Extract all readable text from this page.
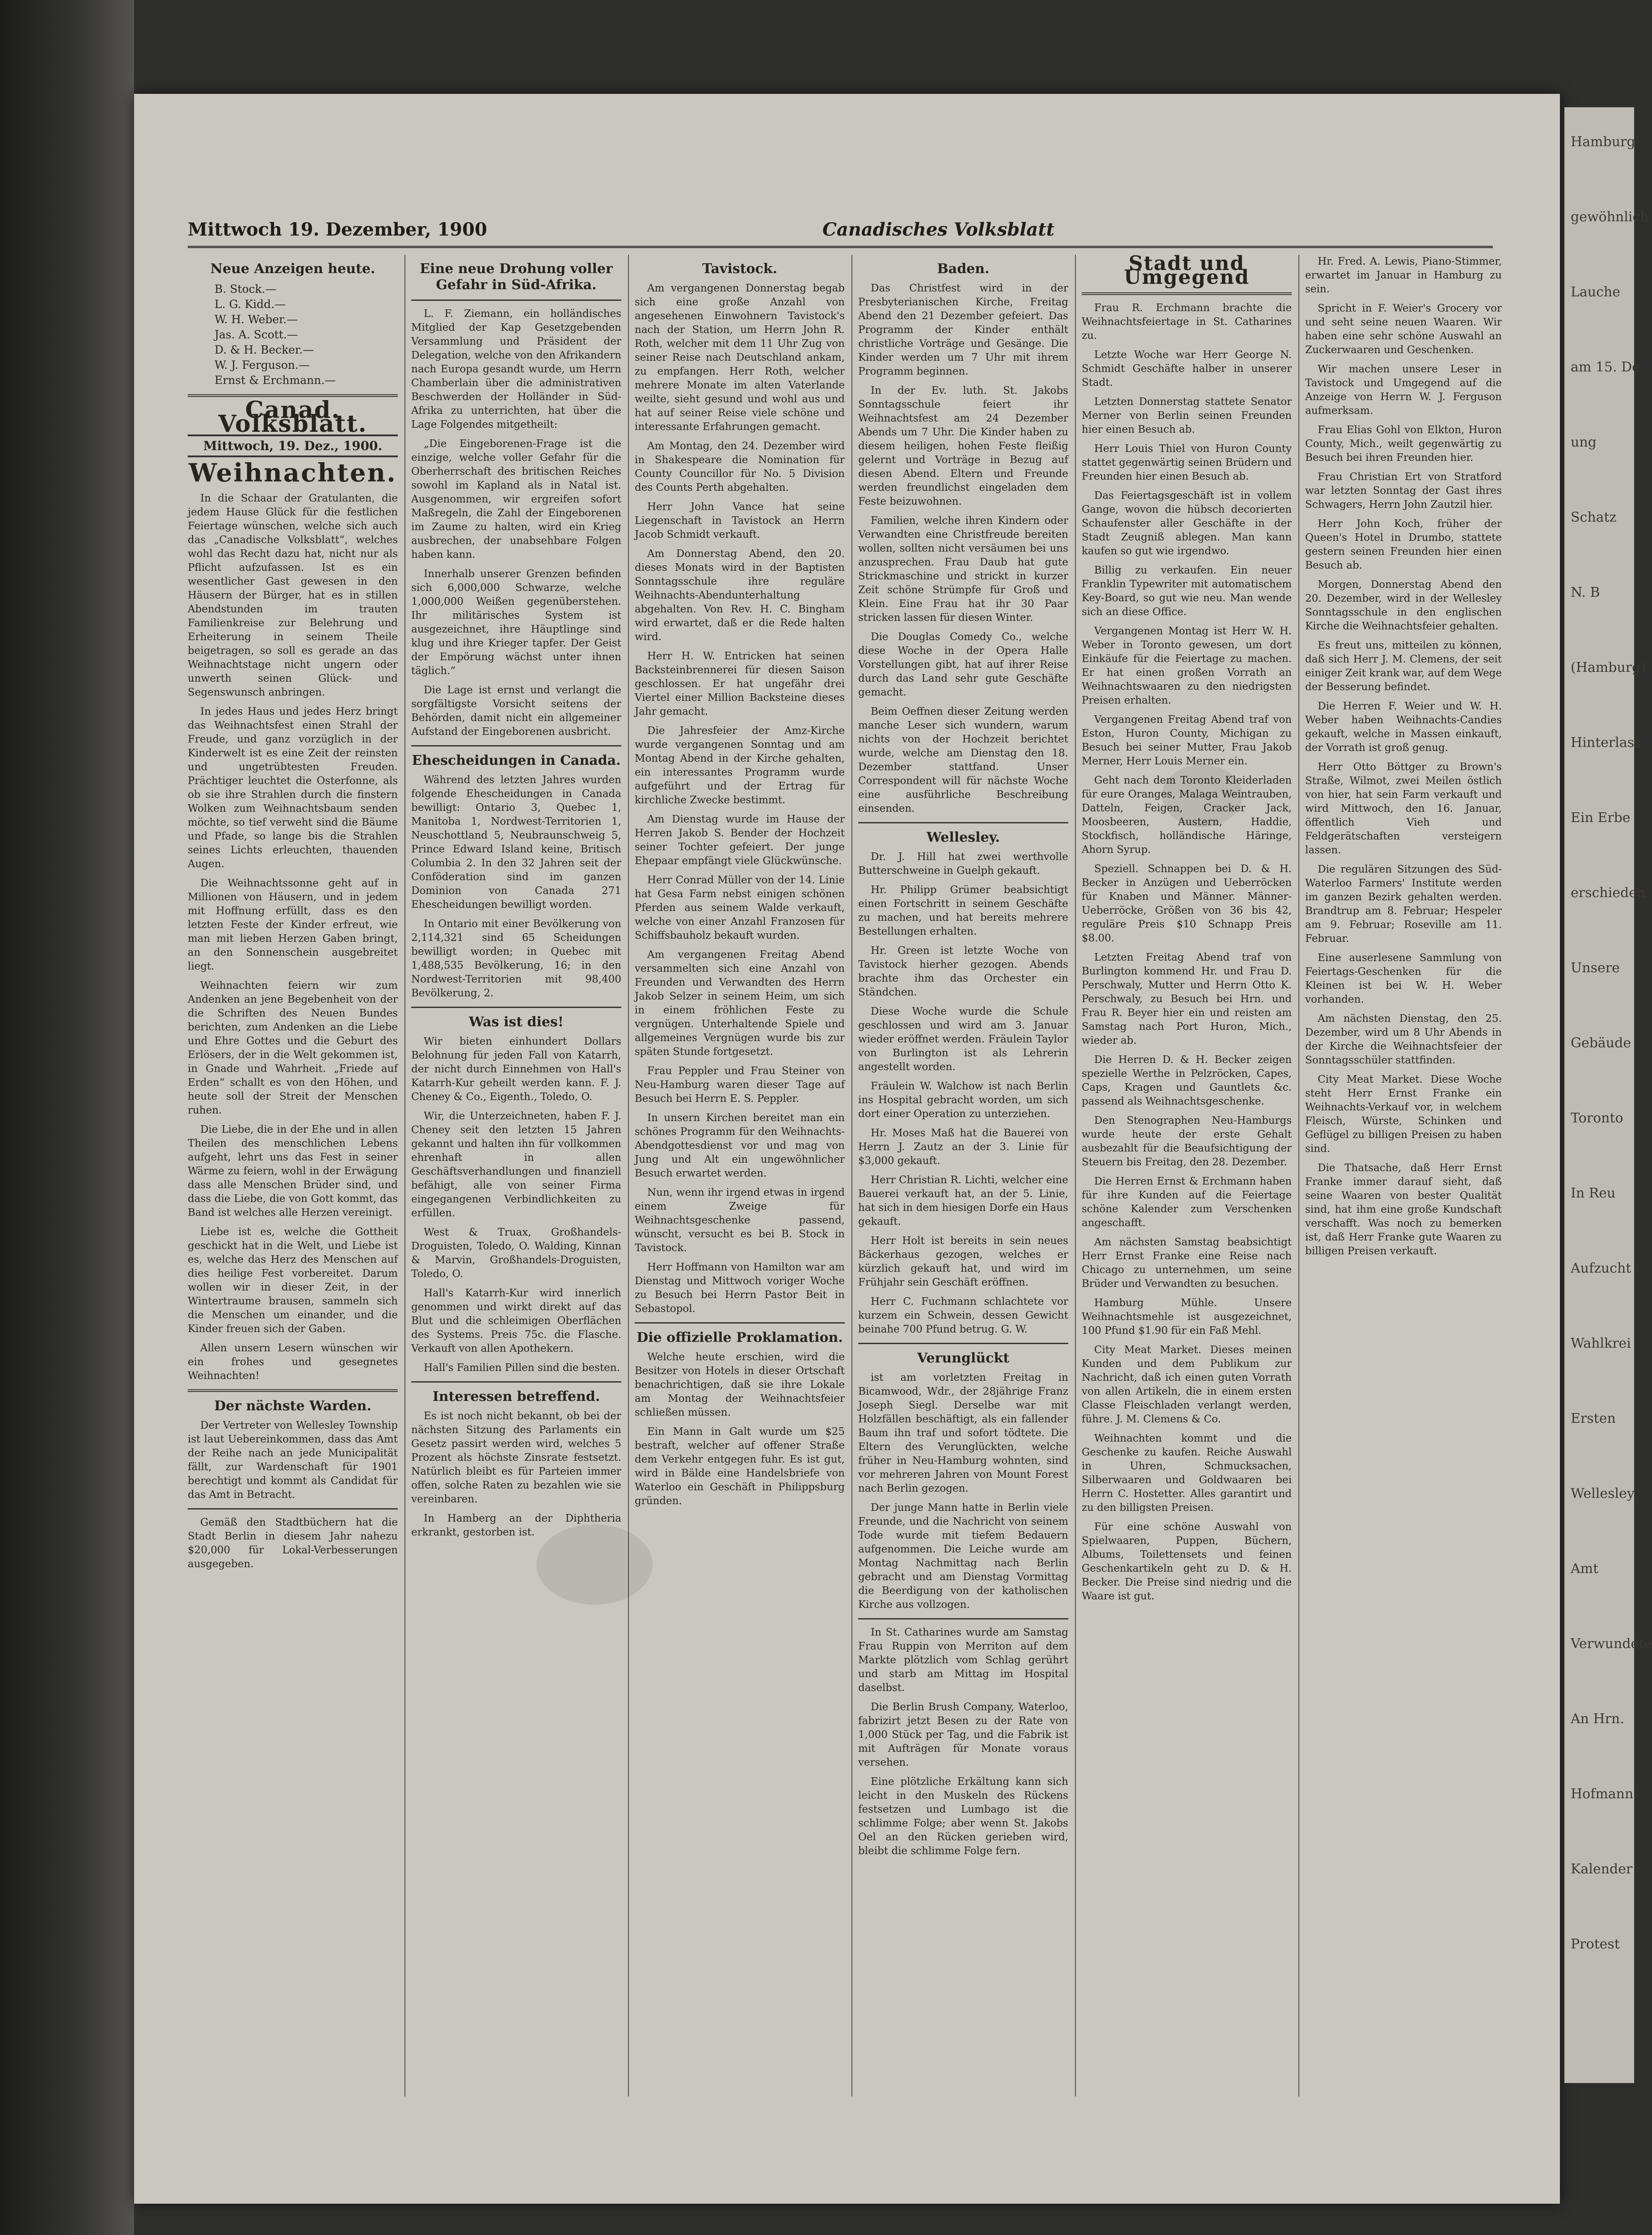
Mittwoch 19. Dezember, 1900	Canadisches Volksblatt
Neue Anzeigen heute.
B. Stock.—
L. G. Kidd.—
W. H. Weber.—
Jas. A. Scott.—
D. & H. Becker.—
W. J. Ferguson.—
Ernst & Erchmann.—
Canad. Volksblatt.
Mittwoch, 19. Dez., 1900.
Weihnachten.

In die Schaar der Gratulanten, die jedem Hause Glück für die festlichen Feiertage wünschen, welche sich auch das „Canadische Volksblatt“, welches wohl das Recht dazu hat, nicht nur als Pflicht aufzufassen. Ist es ein wesentlicher Gast gewesen in den Häusern der Bürger, hat es in stillen Abendstunden im trauten Familienkreise zur Belehrung und Erheiterung in seinem Theile beigetragen, so soll es gerade an das Weihnachtstage nicht ungern oder unwerth seinen Glück- und Segenswunsch anbringen.

In jedes Haus und jedes Herz bringt das Weihnachtsfest einen Strahl der Freude, und ganz vorzüglich in der Kinderwelt ist es eine Zeit der reinsten und ungetrübtesten Freuden. Prächtiger leuchtet die Osterfonne, als ob sie ihre Strahlen durch die finstern Wolken zum Weihnachtsbaum senden möchte, so tief verweht sind die Bäume und Pfade, so lange bis die Strahlen seines Lichts erleuchten, thauenden Augen.

Die Weihnachtssonne geht auf in Millionen von Häusern, und in jedem mit Hoffnung erfüllt, dass es den letzten Feste der Kinder erfreut, wie man mit lieben Herzen Gaben bringt, an den Sonnenschein ausgebreitet liegt.

Weihnachten feiern wir zum Andenken an jene Begebenheit von der die Schriften des Neuen Bundes berichten, zum Andenken an die Liebe und Ehre Gottes und die Geburt des Erlösers, der in die Welt gekommen ist, in Gnade und Wahrheit. „Friede auf Erden“ schallt es von den Höhen, und heute soll der Streit der Menschen ruhen.

Die Liebe, die in der Ehe und in allen Theilen des menschlichen Lebens aufgeht, lehrt uns das Fest in seiner Wärme zu feiern, wohl in der Erwägung dass alle Menschen Brüder sind, und dass die Liebe, die von Gott kommt, das Band ist welches alle Herzen vereinigt.

Liebe ist es, welche die Gottheit geschickt hat in die Welt, und Liebe ist es, welche das Herz des Menschen auf dies heilige Fest vorbereitet. Darum wollen wir in dieser Zeit, in der Wintertraume brausen, sammeln sich die Menschen um einander, und die Kinder freuen sich der Gaben.

Allen unsern Lesern wünschen wir ein frohes und gesegnetes Weihnachten!

Der nächste Warden.

Der Vertreter von Wellesley Township ist laut Uebereinkommen, dass das Amt der Reihe nach an jede Municipalität fällt, zur Wardenschaft für 1901 berechtigt und kommt als Candidat für das Amt in Betracht.

Gemäß den Stadtbüchern hat die Stadt Berlin in diesem Jahr nahezu $20,000 für Lokal-Verbesserungen ausgegeben.

Eine neue Drohung voller Gefahr in Süd-Afrika.

L. F. Ziemann, ein holländisches Mitglied der Kap Gesetzgebenden Versammlung und Präsident der Delegation, welche von den Afrikandern nach Europa gesandt wurde, um Herrn Chamberlain über die administrativen Beschwerden der Holländer in Süd-Afrika zu unterrichten, hat über die Lage Folgendes mitgetheilt:

„Die Eingeborenen-Frage ist die einzige, welche voller Gefahr für die Oberherrschaft des britischen Reiches sowohl im Kapland als in Natal ist. Ausgenommen, wir ergreifen sofort Maßregeln, die Zahl der Eingeborenen im Zaume zu halten, wird ein Krieg ausbrechen, der unabsehbare Folgen haben kann.

Innerhalb unserer Grenzen befinden sich 6,000,000 Schwarze, welche 1,000,000 Weißen gegenüberstehen. Ihr militärisches System ist ausgezeichnet, ihre Häuptlinge sind klug und ihre Krieger tapfer. Der Geist der Empörung wächst unter ihnen täglich.“

Die Lage ist ernst und verlangt die sorgfältigste Vorsicht seitens der Behörden, damit nicht ein allgemeiner Aufstand der Eingeborenen ausbricht.

Ehescheidungen in Canada.

Während des letzten Jahres wurden folgende Ehescheidungen in Canada bewilligt: Ontario 3, Quebec 1, Manitoba 1, Nordwest-Territorien 1, Neuschottland 5, Neubraunschweig 5, Prince Edward Island keine, Britisch Columbia 2. In den 32 Jahren seit der Conföderation sind im ganzen Dominion von Canada 271 Ehescheidungen bewilligt worden.

In Ontario mit einer Bevölkerung von 2,114,321 sind 65 Scheidungen bewilligt worden; in Quebec mit 1,488,535 Bevölkerung, 16; in den Nordwest-Territorien mit 98,400 Bevölkerung, 2.

Was ist dies!

Wir bieten einhundert Dollars Belohnung für jeden Fall von Katarrh, der nicht durch Einnehmen von Hall's Katarrh-Kur geheilt werden kann. F. J. Cheney & Co., Eigenth., Toledo, O.

Wir, die Unterzeichneten, haben F. J. Cheney seit den letzten 15 Jahren gekannt und halten ihn für vollkommen ehrenhaft in allen Geschäftsverhandlungen und finanziell befähigt, alle von seiner Firma eingegangenen Verbindlichkeiten zu erfüllen.

West & Truax, Großhandels-Droguisten, Toledo, O. Walding, Kinnan & Marvin, Großhandels-Droguisten, Toledo, O.

Hall's Katarrh-Kur wird innerlich genommen und wirkt direkt auf das Blut und die schleimigen Oberflächen des Systems. Preis 75c. die Flasche. Verkauft von allen Apothekern.

Hall's Familien Pillen sind die besten.

Interessen betreffend.

Es ist noch nicht bekannt, ob bei der nächsten Sitzung des Parlaments ein Gesetz passirt werden wird, welches 5 Prozent als höchste Zinsrate festsetzt. Natürlich bleibt es für Parteien immer offen, solche Raten zu bezahlen wie sie vereinbaren.

In Hamberg an der Diphtheria erkrankt, gestorben ist.

Tavistock.

Am vergangenen Donnerstag begab sich eine große Anzahl von angesehenen Einwohnern Tavistock's nach der Station, um Herrn John R. Roth, welcher mit dem 11 Uhr Zug von seiner Reise nach Deutschland ankam, zu empfangen. Herr Roth, welcher mehrere Monate im alten Vaterlande weilte, sieht gesund und wohl aus und hat auf seiner Reise viele schöne und interessante Erfahrungen gemacht.

Am Montag, den 24. Dezember wird in Shakespeare die Nomination für County Councillor für No. 5 Division des Counts Perth abgehalten.

Herr John Vance hat seine Liegenschaft in Tavistock an Herrn Jacob Schmidt verkauft.

Am Donnerstag Abend, den 20. dieses Monats wird in der Baptisten Sonntagsschule ihre reguläre Weihnachts-Abendunterhaltung abgehalten. Von Rev. H. C. Bingham wird erwartet, daß er die Rede halten wird.

Herr H. W. Entricken hat seinen Backsteinbrennerei für diesen Saison geschlossen. Er hat ungefähr drei Viertel einer Million Backsteine dieses Jahr gemacht.

Die Jahresfeier der Amz-Kirche wurde vergangenen Sonntag und am Montag Abend in der Kirche gehalten, ein interessantes Programm wurde aufgeführt und der Ertrag für kirchliche Zwecke bestimmt.

Am Dienstag wurde im Hause der Herren Jakob S. Bender der Hochzeit seiner Tochter gefeiert. Der junge Ehepaar empfängt viele Glückwünsche.

Herr Conrad Müller von der 14. Linie hat Gesa Farm nebst einigen schönen Pferden aus seinem Walde verkauft, welche von einer Anzahl Franzosen für Schiffsbauholz bekauft wurden.

Am vergangenen Freitag Abend versammelten sich eine Anzahl von Freunden und Verwandten des Herrn Jakob Selzer in seinem Heim, um sich in einem fröhlichen Feste zu vergnügen. Unterhaltende Spiele und allgemeines Vergnügen wurde bis zur späten Stunde fortgesetzt.

Frau Peppler und Frau Steiner von Neu-Hamburg waren dieser Tage auf Besuch bei Herrn E. S. Peppler.

In unsern Kirchen bereitet man ein schönes Programm für den Weihnachts-Abendgottesdienst vor und mag von Jung und Alt ein ungewöhnlicher Besuch erwartet werden.

Nun, wenn ihr irgend etwas in irgend einem Zweige für Weihnachtsgeschenke passend, wünscht, versucht es bei B. Stock in Tavistock.

Herr Hoffmann von Hamilton war am Dienstag und Mittwoch voriger Woche zu Besuch bei Herrn Pastor Beit in Sebastopol.

Die offizielle Proklamation.

Welche heute erschien, wird die Besitzer von Hotels in dieser Ortschaft benachrichtigen, daß sie ihre Lokale am Montag der Weihnachtsfeier schließen müssen.

Ein Mann in Galt wurde um $25 bestraft, welcher auf offener Straße dem Verkehr entgegen fuhr. Es ist gut, wird in Bälde eine Handelsbriefe von Waterloo ein Geschäft in Philippsburg gründen.

Baden.

Das Christfest wird in der Presbyterianischen Kirche, Freitag Abend den 21 Dezember gefeiert. Das Programm der Kinder enthält christliche Vorträge und Gesänge. Die Kinder werden um 7 Uhr mit ihrem Programm beginnen.

In der Ev. luth. St. Jakobs Sonntagsschule feiert ihr Weihnachtsfest am 24 Dezember Abends um 7 Uhr. Die Kinder haben zu diesem heiligen, hohen Feste fleißig gelernt und Vorträge in Bezug auf diesen Abend. Eltern und Freunde werden freundlichst eingeladen dem Feste beizuwohnen.

Familien, welche ihren Kindern oder Verwandten eine Christfreude bereiten wollen, sollten nicht versäumen bei uns anzusprechen. Frau Daub hat gute Strickmaschine und strickt in kurzer Zeit schöne Strümpfe für Groß und Klein. Eine Frau hat ihr 30 Paar stricken lassen für diesen Winter.

Die Douglas Comedy Co., welche diese Woche in der Opera Halle Vorstellungen gibt, hat auf ihrer Reise durch das Land sehr gute Geschäfte gemacht.

Beim Oeffnen dieser Zeitung werden manche Leser sich wundern, warum nichts von der Hochzeit berichtet wurde, welche am Dienstag den 18. Dezember stattfand. Unser Correspondent will für nächste Woche eine ausführliche Beschreibung einsenden.

Wellesley.

Dr. J. Hill hat zwei werthvolle Butterschweine in Guelph gekauft.

Hr. Philipp Grümer beabsichtigt einen Fortschritt in seinem Geschäfte zu machen, und hat bereits mehrere Bestellungen erhalten.

Hr. Green ist letzte Woche von Tavistock hierher gezogen. Abends brachte ihm das Orchester ein Ständchen.

Diese Woche wurde die Schule geschlossen und wird am 3. Januar wieder eröffnet werden. Fräulein Taylor von Burlington ist als Lehrerin angestellt worden.

Fräulein W. Walchow ist nach Berlin ins Hospital gebracht worden, um sich dort einer Operation zu unterziehen.

Hr. Moses Maß hat die Bauerei von Herrn J. Zautz an der 3. Linie für $3,000 gekauft.

Herr Christian R. Lichti, welcher eine Bauerei verkauft hat, an der 5. Linie, hat sich in dem hiesigen Dorfe ein Haus gekauft.

Herr Holt ist bereits in sein neues Bäckerhaus gezogen, welches er kürzlich gekauft hat, und wird im Frühjahr sein Geschäft eröffnen.

Herr C. Fuchmann schlachtete vor kurzem ein Schwein, dessen Gewicht beinahe 700 Pfund betrug. G. W.

Verunglückt

ist am vorletzten Freitag in Bicamwood, Wdr., der 28jährige Franz Joseph Siegl. Derselbe war mit Holzfällen beschäftigt, als ein fallender Baum ihn traf und sofort tödtete. Die Eltern des Verunglückten, welche früher in Neu-Hamburg wohnten, sind vor mehreren Jahren von Mount Forest nach Berlin gezogen.

Der junge Mann hatte in Berlin viele Freunde, und die Nachricht von seinem Tode wurde mit tiefem Bedauern aufgenommen. Die Leiche wurde am Montag Nachmittag nach Berlin gebracht und am Dienstag Vormittag die Beerdigung von der katholischen Kirche aus vollzogen.

In St. Catharines wurde am Samstag Frau Ruppin von Merriton auf dem Markte plötzlich vom Schlag gerührt und starb am Mittag im Hospital daselbst.

Die Berlin Brush Company, Waterloo, fabrizirt jetzt Besen zu der Rate von 1,000 Stück per Tag, und die Fabrik ist mit Aufträgen für Monate voraus versehen.

Eine plötzliche Erkältung kann sich leicht in den Muskeln des Rückens festsetzen und Lumbago ist die schlimme Folge; aber wenn St. Jakobs Oel an den Rücken gerieben wird, bleibt die schlimme Folge fern.

Stadt und Umgegend

Frau R. Erchmann brachte die Weihnachtsfeiertage in St. Catharines zu.

Letzte Woche war Herr George N. Schmidt Geschäfte halber in unserer Stadt.

Letzten Donnerstag stattete Senator Merner von Berlin seinen Freunden hier einen Besuch ab.

Herr Louis Thiel von Huron County stattet gegenwärtig seinen Brüdern und Freunden hier einen Besuch ab.

Das Feiertagsgeschäft ist in vollem Gange, wovon die hübsch decorierten Schaufenster aller Geschäfte in der Stadt Zeugniß ablegen. Man kann kaufen so gut wie irgendwo.

Billig zu verkaufen. Ein neuer Franklin Typewriter mit automatischem Key-Board, so gut wie neu. Man wende sich an diese Office.

Vergangenen Montag ist Herr W. H. Weber in Toronto gewesen, um dort Einkäufe für die Feiertage zu machen. Er hat einen großen Vorrath an Weihnachtswaaren zu den niedrigsten Preisen erhalten.

Vergangenen Freitag Abend traf von Eston, Huron County, Michigan zu Besuch bei seiner Mutter, Frau Jakob Merner, Herr Louis Merner ein.

Geht nach dem Toronto Kleiderladen für eure Oranges, Malaga Weintrauben, Datteln, Feigen, Cracker Jack, Moosbeeren, Austern, Haddie, Stockfisch, holländische Häringe, Ahorn Syrup.

Speziell. Schnappen bei D. & H. Becker in Anzügen und Ueberröcken für Knaben und Männer. Männer-Ueberröcke, Größen von 36 bis 42, reguläre Preis $10 Schnapp Preis $8.00.

Letzten Freitag Abend traf von Burlington kommend Hr. und Frau D. Perschwaly, Mutter und Herrn Otto K. Perschwaly, zu Besuch bei Hrn. und Frau R. Beyer hier ein und reisten am Samstag nach Port Huron, Mich., wieder ab.

Die Herren D. & H. Becker zeigen spezielle Werthe in Pelzröcken, Capes, Caps, Kragen und Gauntlets &c. passend als Weihnachtsgeschenke.

Den Stenographen Neu-Hamburgs wurde heute der erste Gehalt ausbezahlt für die Beaufsichtigung der Steuern bis Freitag, den 28. Dezember.

Die Herren Ernst & Erchmann haben für ihre Kunden auf die Feiertage schöne Kalender zum Verschenken angeschafft.

Am nächsten Samstag beabsichtigt Herr Ernst Franke eine Reise nach Chicago zu unternehmen, um seine Brüder und Verwandten zu besuchen.

Hamburg Mühle. Unsere Weihnachtsmehle ist ausgezeichnet, 100 Pfund $1.90 für ein Faß Mehl.

City Meat Market. Dieses meinen Kunden und dem Publikum zur Nachricht, daß ich einen guten Vorrath von allen Artikeln, die in einem ersten Classe Fleischladen verlangt werden, führe. J. M. Clemens & Co.

Weihnachten kommt und die Geschenke zu kaufen. Reiche Auswahl in Uhren, Schmucksachen, Silberwaaren und Goldwaaren bei Herrn C. Hostetter. Alles garantirt und zu den billigsten Preisen.

Für eine schöne Auswahl von Spielwaaren, Puppen, Büchern, Albums, Toilettensets und feinen Geschenkartikeln geht zu D. & H. Becker. Die Preise sind niedrig und die Waare ist gut.

Hr. Fred. A. Lewis, Piano-Stimmer, erwartet im Januar in Hamburg zu sein.

Spricht in F. Weier's Grocery vor und seht seine neuen Waaren. Wir haben eine sehr schöne Auswahl an Zuckerwaaren und Geschenken.

Wir machen unsere Leser in Tavistock und Umgegend auf die Anzeige von Herrn W. J. Ferguson aufmerksam.

Frau Elias Gohl von Elkton, Huron County, Mich., weilt gegenwärtig zu Besuch bei ihren Freunden hier.

Frau Christian Ert von Stratford war letzten Sonntag der Gast ihres Schwagers, Herrn John Zautzil hier.

Herr John Koch, früher der Queen's Hotel in Drumbo, stattete gestern seinen Freunden hier einen Besuch ab.

Morgen, Donnerstag Abend den 20. Dezember, wird in der Wellesley Sonntagsschule in den englischen Kirche die Weihnachtsfeier gehalten.

Es freut uns, mitteilen zu können, daß sich Herr J. M. Clemens, der seit einiger Zeit krank war, auf dem Wege der Besserung befindet.

Die Herren F. Weier und W. H. Weber haben Weihnachts-Candies gekauft, welche in Massen einkauft, der Vorrath ist groß genug.

Herr Otto Böttger zu Brown's Straße, Wilmot, zwei Meilen östlich von hier, hat sein Farm verkauft und wird Mittwoch, den 16. Januar, öffentlich Vieh und Feldgerätschaften versteigern lassen.

Die regulären Sitzungen des Süd-Waterloo Farmers' Institute werden im ganzen Bezirk gehalten werden. Brandtrup am 8. Februar; Hespeler am 9. Februar; Roseville am 11. Februar.

Eine auserlesene Sammlung von Feiertags-Geschenken für die Kleinen ist bei W. H. Weber vorhanden.

Am nächsten Dienstag, den 25. Dezember, wird um 8 Uhr Abends in der Kirche die Weihnachtsfeier der Sonntagsschüler stattfinden.

City Meat Market. Diese Woche steht Herr Ernst Franke ein Weihnachts-Verkauf vor, in welchem Fleisch, Würste, Schinken und Geflügel zu billigen Preisen zu haben sind.

Die Thatsache, daß Herr Ernst Franke immer darauf sieht, daß seine Waaren von bester Qualität sind, hat ihm eine große Kundschaft verschafft. Was noch zu bemerken ist, daß Herr Franke gute Waaren zu billigen Preisen verkauft.

Hamburg
gewöhnlich
Lauche
am 15. De
ung
Schatz
N. B
(Hamburg)
Hinterlass
Ein Erbe
erschieden
Unsere
Gebäude
Toronto
In Reu
Aufzucht
Wahlkrei
Ersten
Wellesley
Amt
Verwundete
An Hrn.
Hofmann
Kalender
Protest
